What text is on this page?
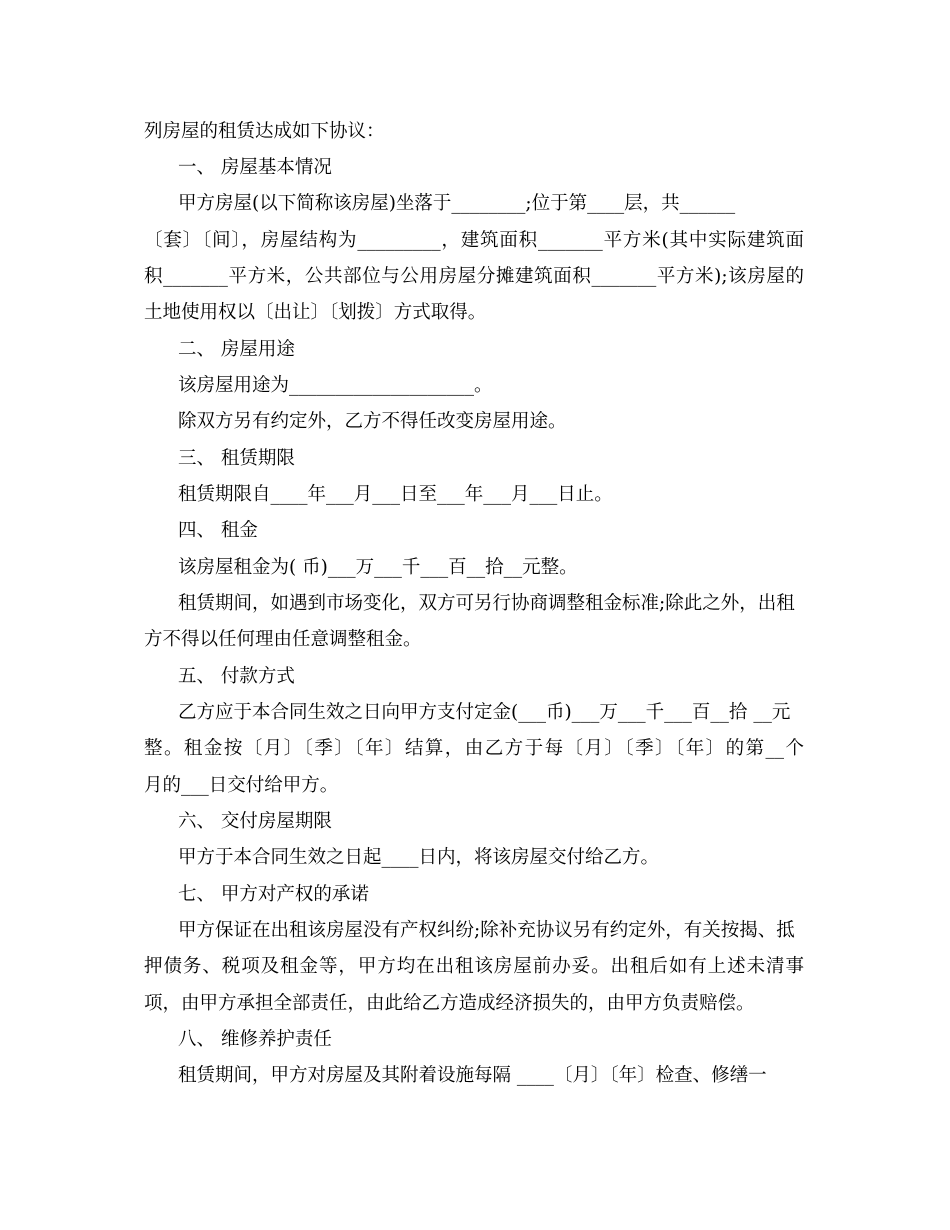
列房屋的租赁达成如下协议：

一、 房屋基本情况

甲方房屋(以下简称该房屋)坐落于________;位于第____层，共______

〔套〕〔间〕，房屋结构为_________，建筑面积_______平方米(其中实际建筑面

积_______平方米，公共部位与公用房屋分摊建筑面积_______平方米);该房屋的

土地使用权以〔出让〕〔划拨〕方式取得。

二、 房屋用途

该房屋用途为____________________。

除双方另有约定外，乙方不得任改变房屋用途。

三、 租赁期限

租赁期限自____年___月___日至___年___月___日止。

四、 租金

该房屋租金为( 币)___万___千___百__拾__元整。

租赁期间，如遇到市场变化，双方可另行协商调整租金标准;除此之外，出租

方不得以任何理由任意调整租金。

五、 付款方式

乙方应于本合同生效之日向甲方支付定金(___币)___万___千___百__拾 __元

整。租金按〔月〕〔季〕〔年〕结算，由乙方于每〔月〕〔季〕〔年〕的第__个

月的___日交付给甲方。

六、 交付房屋期限

甲方于本合同生效之日起____日内，将该房屋交付给乙方。

七、 甲方对产权的承诺

甲方保证在出租该房屋没有产权纠纷;除补充协议另有约定外，有关按揭、抵

押债务、税项及租金等，甲方均在出租该房屋前办妥。出租后如有上述未清事

项，由甲方承担全部责任，由此给乙方造成经济损失的，由甲方负责赔偿。

八、 维修养护责任

租赁期间，甲方对房屋及其附着设施每隔 ____〔月〕〔年〕检查、修缮一
